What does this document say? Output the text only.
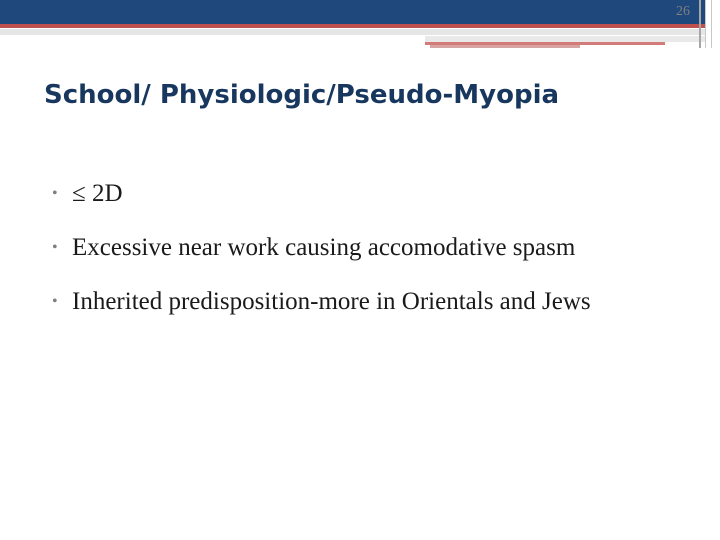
26
School/ Physiologic/Pseudo-Myopia
• ≤ 2D
• Excessive near work causing accomodative spasm
• Inherited predisposition-more in Orientals and Jews
